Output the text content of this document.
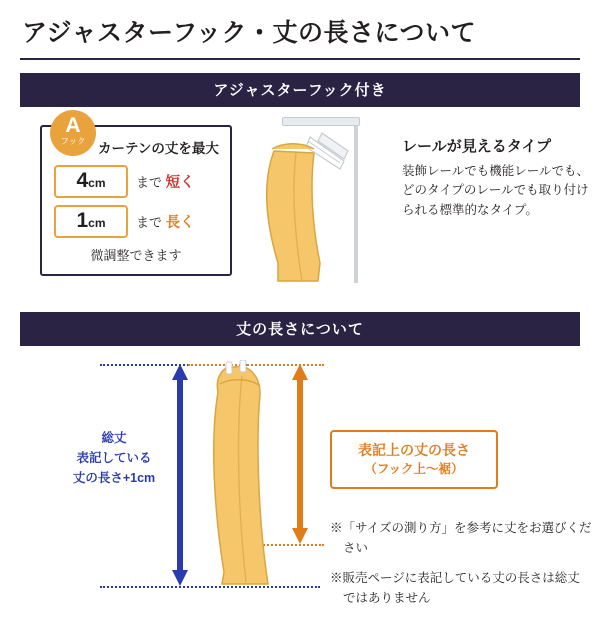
アジャスターフック・丈の長さについて
アジャスターフック付き
A
フック カーテンの丈を最大
4cm	まで 短く
1cm	まで 長く
微調整できます
レールが見えるタイプ
装飾レールでも機能レールでも、どのタイプのレールでも取り付けられる標準的なタイプ。
丈の長さについて
総丈
表記している
丈の長さ+1cm
表記上の丈の長さ
（フック上〜裾）

※「サイズの測り方」を参考に丈をお選びください

※販売ページに表記している丈の長さは総丈ではありません
